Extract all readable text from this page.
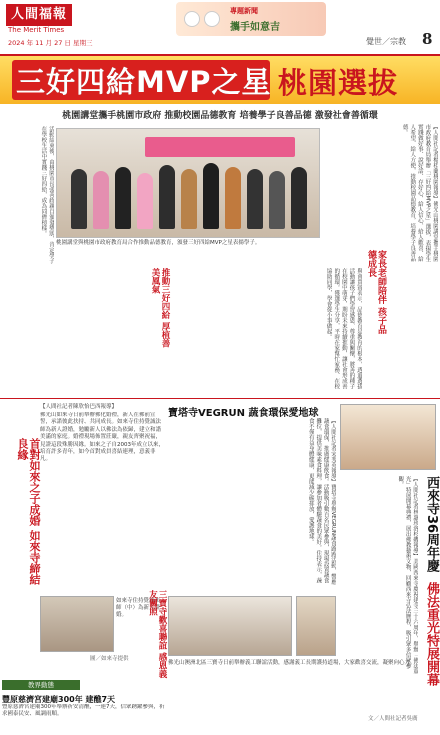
人間福報
The Merit Times
2024 年 11 月 27 日 星期三
專題新聞
攜手如意吉
覺世／宗教 8
三好四給MVP之星 桃園選拔
桃園講堂攜手桃園市政府 推動校園品德教育 培養學子良善品德 激發社會善循環
活動結束後，由桃園市長張善政親自頒發獎狀，肯定學子在學校生活中實踐三好四給，成為同儕榜樣。
桃園講堂與桃園市政府教育局合作推動品德教育，頒發三好四給MVP之星表揚學子。	【人間社記者楊桂蘭桃園報導】佛光山桃園講堂攜手桃園市政府教育局舉辦「三好四給MVP之星」選拔，表揚學生實踐做好事、說好話、存好心，給人信心、給人歡喜、給人希望、給人方便，推動校園品德教育，培養學子良善品德。
與會貴賓表示，品德教育是教育的根本，透過選拔活動讓孩子們學習感恩、尊重與關懷，將善的種子在校園中萌芽，期盼未來持續推動，讓社會形成善的循環。獲選學生分享，平時在家幫忙家務、在校協助同學，學會從小事做起。	家長老師陪伴 孩子品德成長
推動三好四給 厚植善美風氣
首對如來之子成婚 如來寺締結良緣
【人間社記者陳欣怡巴西報導】
佛光山如來寺日前舉辦佛化婚禮，新人在佛前宣誓，承諾彼此扶持、共同成長。如來寺住持覺誠法師為新人證婚，勉勵新人以佛法為依歸，建立和諧美滿的家庭。婚禮現場佈置莊嚴，親友齊聚祝福，見證這段殊勝因緣。如來之子自2003年成立以來，培育許多青年，如今首對成員喜結連理，意義非凡。
如來寺住持覺誠法師（中）為新人證婚。
圖／如來寺提供
寶塔寺VEGRUN 蔬食環保愛地球
【人間社記者宋秀英報導】寶塔寺舉辦VEGRUN蔬食路跑活動，響應蔬食環保，推廣健康飲食。活動吸引數百名民眾參與，現場設置蔬食攤位，提供美味素食料理，讓參加者體驗蔬食的美好。住持表示，蔬食不僅有益身體健康，更能減少碳排放，愛護地球。
三寶寺歡喜聯誼 感恩義友關照
佛光山澳洲北區三寶寺日前舉辦義工聯誼活動，感謝義工長期護持道場，大家歡喜交流，凝聚向心力。
文／人間社記者吳廣
西來寺36周年慶
佛法重光特展開幕
【人間社記者林惠珍洛杉磯報導】美國西來寺慶祝建寺三十六周年，舉辦「佛法重光」特展開幕典禮，展出佛教藝術文物，回顧西來寺弘法歷程，吸引眾多信眾參觀。
教界動態
豐原慈濟宮建廟300年 建醮7天
豐原慈濟宮建廟300年舉辦祈安清醮，一連7天，信眾踴躍參與，祈求國泰民安、風調雨順。
